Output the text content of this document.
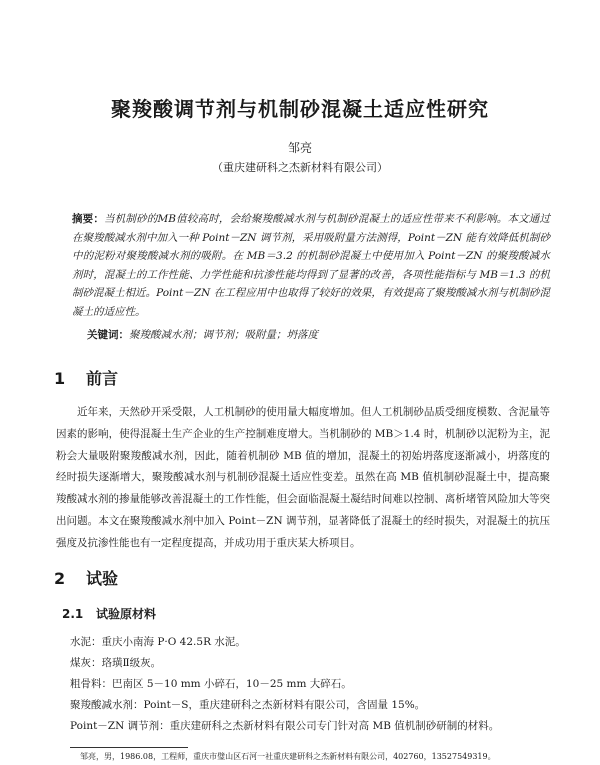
聚羧酸调节剂与机制砂混凝土适应性研究
邹亮
（重庆建研科之杰新材料有限公司）
摘要：当机制砂的MB值较高时，会给聚羧酸减水剂与机制砂混凝土的适应性带来不利影响。本文通过在聚羧酸减水剂中加入一种 Point－ZN 调节剂，采用吸附量方法测得，Point－ZN 能有效降低机制砂中的泥粉对聚羧酸减水剂的吸附。在 MB＝3.2 的机制砂混凝土中使用加入 Point－ZN 的聚羧酸减水剂时，混凝土的工作性能、力学性能和抗渗性能均得到了显著的改善，各项性能指标与 MB＝1.3 的机制砂混凝土相近。Point－ZN 在工程应用中也取得了较好的效果，有效提高了聚羧酸减水剂与机制砂混凝土的适应性。
关键词：聚羧酸减水剂；调节剂；吸附量；坍落度
1 前言
近年来，天然砂开采受限，人工机制砂的使用量大幅度增加。但人工机制砂品质受细度模数、含泥量等因素的影响，使得混凝土生产企业的生产控制难度增大。当机制砂的 MB＞1.4 时，机制砂以泥粉为主，泥粉会大量吸附聚羧酸减水剂，因此，随着机制砂 MB 值的增加，混凝土的初始坍落度逐渐减小，坍落度的经时损失逐渐增大，聚羧酸减水剂与机制砂混凝土适应性变差。虽然在高 MB 值机制砂混凝土中，提高聚羧酸减水剂的掺量能够改善混凝土的工作性能，但会面临混凝土凝结时间难以控制、离析堵管风险加大等突出问题。本文在聚羧酸减水剂中加入 Point－ZN 调节剂，显著降低了混凝土的经时损失，对混凝土的抗压强度及抗渗性能也有一定程度提高，并成功用于重庆某大桥项目。
2 试验
2.1 试验原材料
水泥：重庆小南海 P·O 42.5R 水泥。
煤灰：珞璜Ⅱ级灰。
粗骨料：巴南区 5－10 mm 小碎石，10－25 mm 大碎石。
聚羧酸减水剂：Point－S，重庆建研科之杰新材料有限公司，含固量 15%。
Point－ZN 调节剂：重庆建研科之杰新材料有限公司专门针对高 MB 值机制砂研制的材料。
邹亮，男，1986.08，工程师，重庆市璧山区石河一社重庆建研科之杰新材料有限公司，402760，13527549319。
